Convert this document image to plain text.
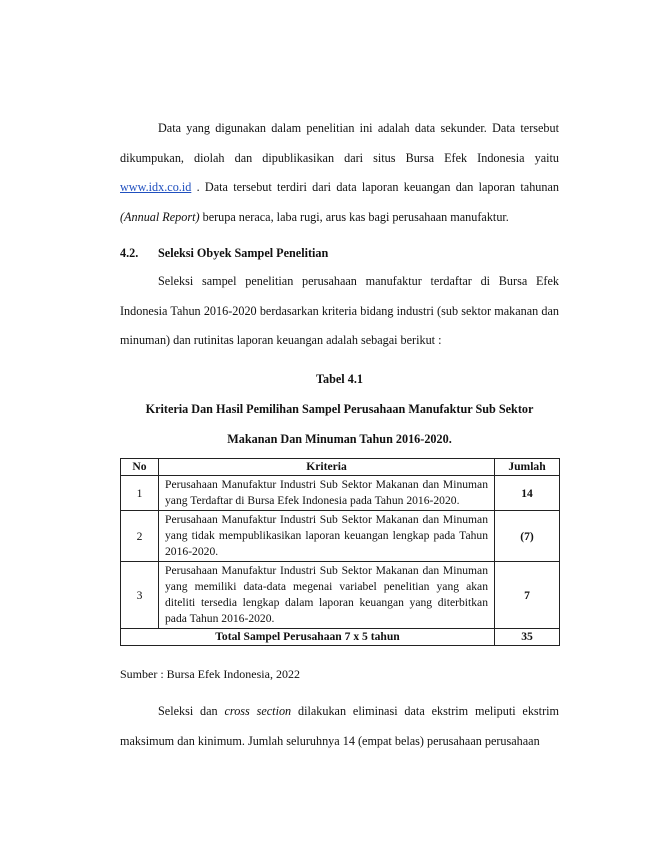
Data yang digunakan dalam penelitian ini adalah data sekunder. Data tersebut dikumpukan, diolah dan dipublikasikan dari situs Bursa Efek Indonesia yaitu www.idx.co.id . Data tersebut terdiri dari data laporan keuangan dan laporan tahunan (Annual Report) berupa neraca, laba rugi, arus kas bagi perusahaan manufaktur.

4.2. Seleksi Obyek Sampel Penelitian

Seleksi sampel penelitian perusahaan manufaktur terdaftar di Bursa Efek Indonesia Tahun 2016-2020 berdasarkan kriteria bidang industri (sub sektor makanan dan minuman) dan rutinitas laporan keuangan adalah sebagai berikut :

Tabel 4.1
Kriteria Dan Hasil Pemilihan Sampel Perusahaan Manufaktur Sub Sektor
Makanan Dan Minuman Tahun 2016-2020.
No	Kriteria	Jumlah
1	Perusahaan Manufaktur Industri Sub Sektor Makanan dan Minuman yang Terdaftar di Bursa Efek Indonesia pada Tahun 2016-2020.	14
2	Perusahaan Manufaktur Industri Sub Sektor Makanan dan Minuman yang tidak mempublikasikan laporan keuangan lengkap pada Tahun 2016-2020.	(7)
3	Perusahaan Manufaktur Industri Sub Sektor Makanan dan Minuman yang memiliki data-data megenai variabel penelitian yang akan diteliti tersedia lengkap dalam laporan keuangan yang diterbitkan pada Tahun 2016-2020.	7
Total Sampel Perusahaan 7 x 5 tahun		35
Sumber : Bursa Efek Indonesia, 2022

Seleksi dan cross section dilakukan eliminasi data ekstrim meliputi ekstrim maksimum dan kinimum. Jumlah seluruhnya 14 (empat belas) perusahaan perusahaan
